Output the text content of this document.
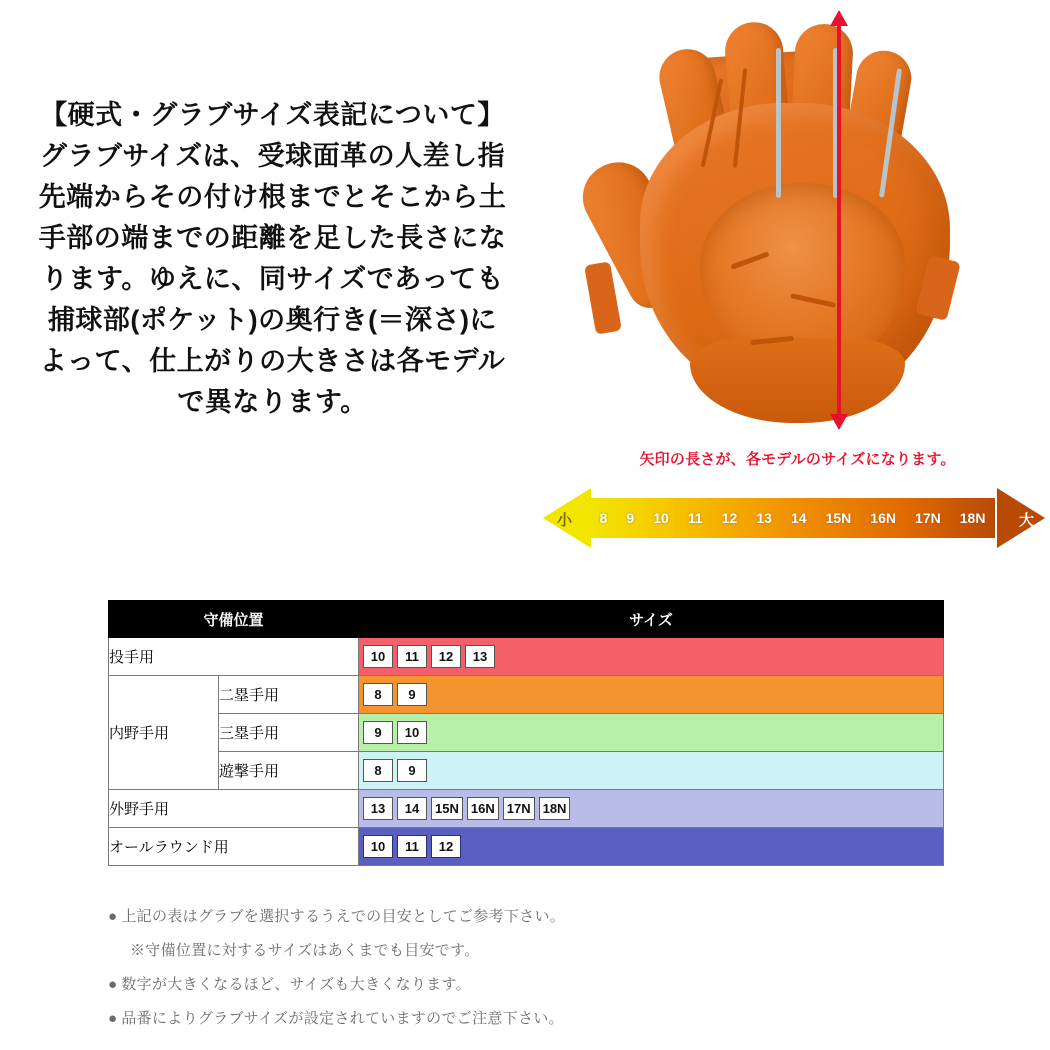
【硬式・グラブサイズ表記について】

グラブサイズは、受球面革の人差し指

先端からその付け根までとそこから土

手部の端までの距離を足した長さにな

ります。ゆえに、同サイズであっても

捕球部(ポケット)の奥行き(＝深さ)に

よって、仕上がりの大きさは各モデル

で異なります。

矢印の長さが、各モデルのサイズになります。
8 9 10 11 12 13 14 15N 16N 17N 18N
小	大
守備位置		サイズ
投手用		10 11 12 13

内野手用	二塁手用	8 9

	三塁手用	9 10

	遊撃手用	8 9

外野手用	13	14	15N 16N 17N 18N

オールラウンド用		10 11 12
● 上記の表はグラブを選択するうえでの目安としてご参考下さい。
※守備位置に対するサイズはあくまでも目安です。
● 数字が大きくなるほど、サイズも大きくなります。
● 品番によりグラブサイズが設定されていますのでご注意下さい。
